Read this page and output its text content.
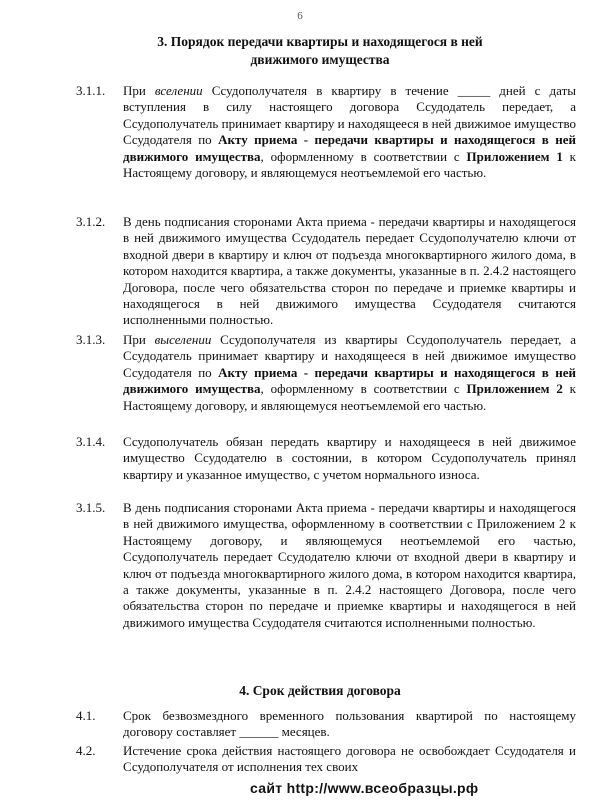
6
3. Порядок передачи квартиры и находящегося в ней
движимого имущества
3.1.1.	При вселении Ссудополучателя в квартиру в течение _____ дней с даты вступления в силу настоящего договора Ссудодатель передает, а Ссудополучатель принимает квартиру и находящееся в ней движимое имущество Ссудодателя по Акту приема - передачи квартиры и находящегося в ней движимого имущества, оформленному в соответствии с Приложением 1 к Настоящему договору, и являющемуся неотъемлемой его частью.
3.1.2.	В день подписания сторонами Акта приема - передачи квартиры и находящегося в ней движимого имущества Ссудодатель передает Ссудополучателю ключи от входной двери в квартиру и ключ от подъезда многоквартирного жилого дома, в котором находится квартира, а также документы, указанные в п. 2.4.2 настоящего Договора, после чего обязательства сторон по передаче и приемке квартиры и находящегося в ней движимого имущества Ссудодателя считаются исполненными полностью.
3.1.3.	При выселении Ссудополучателя из квартиры Ссудополучатель передает, а Ссудодатель принимает квартиру и находящееся в ней движимое имущество Ссудодателя по Акту приема - передачи квартиры и находящегося в ней движимого имущества, оформленному в соответствии с Приложением 2 к Настоящему договору, и являющемуся неотъемлемой его частью.
3.1.4.	Ссудополучатель обязан передать квартиру и находящееся в ней движимое имущество Ссудодателю в состоянии, в котором Ссудополучатель принял квартиру и указанное имущество, с учетом нормального износа.
3.1.5.	В день подписания сторонами Акта приема - передачи квартиры и находящегося в ней движимого имущества, оформленному в соответствии с Приложением 2 к Настоящему договору, и являющемуся неотъемлемой его частью, Ссудополучатель передает Ссудодателю ключи от входной двери в квартиру и ключ от подъезда многоквартирного жилого дома, в котором находится квартира, а также документы, указанные в п. 2.4.2 настоящего Договора, после чего обязательства сторон по передаче и приемке квартиры и находящегося в ней движимого имущества Ссудодателя считаются исполненными полностью.
4. Срок действия договора
4.1.	Срок безвозмездного временного пользования квартирой по настоящему договору составляет ______ месяцев.
4.2.	Истечение срока действия настоящего договора не освобождает Ссудодателя и Ссудополучателя от исполнения тех своих
сайт http://www.всеобразцы.рф
